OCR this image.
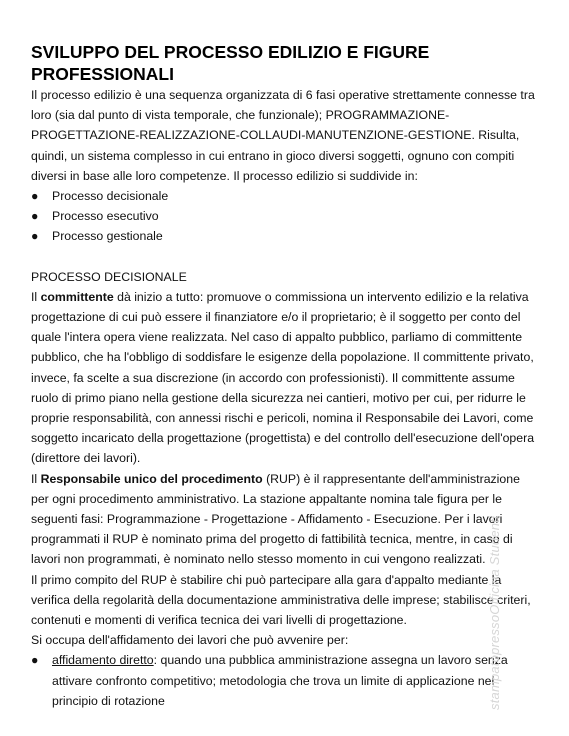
SVILUPPO DEL PROCESSO EDILIZIO E FIGURE PROFESSIONALI

Il processo edilizio è una sequenza organizzata di 6 fasi operative strettamente connesse tra loro (sia dal punto di vista temporale, che funzionale); PROGRAMMAZIONE-PROGETTAZIONE-REALIZZAZIONE-COLLAUDI-MANUTENZIONE-GESTIONE. Risulta, quindi, un sistema complesso in cui entrano in gioco diversi soggetti, ognuno con compiti diversi in base alle loro competenze. Il processo edilizio si suddivide in:

● Processo decisionale
● Processo esecutivo
● Processo gestionale

PROCESSO DECISIONALE

Il committente dà inizio a tutto: promuove o commissiona un intervento edilizio e la relativa progettazione di cui può essere il finanziatore e/o il proprietario; è il soggetto per conto del quale l'intera opera viene realizzata. Nel caso di appalto pubblico, parliamo di committente pubblico, che ha l'obbligo di soddisfare le esigenze della popolazione. Il committente privato, invece, fa scelte a sua discrezione (in accordo con professionisti). Il committente assume ruolo di primo piano nella gestione della sicurezza nei cantieri, motivo per cui, per ridurre le proprie responsabilità, con annessi rischi e pericoli, nomina il Responsabile dei Lavori, come soggetto incaricato della progettazione (progettista) e del controllo dell'esecuzione dell'opera (direttore dei lavori).

Il Responsabile unico del procedimento (RUP) è il rappresentante dell'amministrazione per ogni procedimento amministrativo. La stazione appaltante nomina tale figura per le seguenti fasi: Programmazione - Progettazione - Affidamento - Esecuzione. Per i lavori programmati il RUP è nominato prima del progetto di fattibilità tecnica, mentre, in caso di lavori non programmati, è nominato nello stesso momento in cui vengono realizzati.

Il primo compito del RUP è stabilire chi può partecipare alla gara d'appalto mediante la verifica della regolarità della documentazione amministrativa delle imprese; stabilisce criteri, contenuti e momenti di verifica tecnica dei vari livelli di progettazione.

Si occupa dell'affidamento dei lavori che può avvenire per:

● affidamento diretto: quando una pubblica amministrazione assegna un lavoro senza attivare confronto competitivo; metodologia che trova un limite di applicazione nel principio di rotazione	stampatopressoOfficina Studenti
